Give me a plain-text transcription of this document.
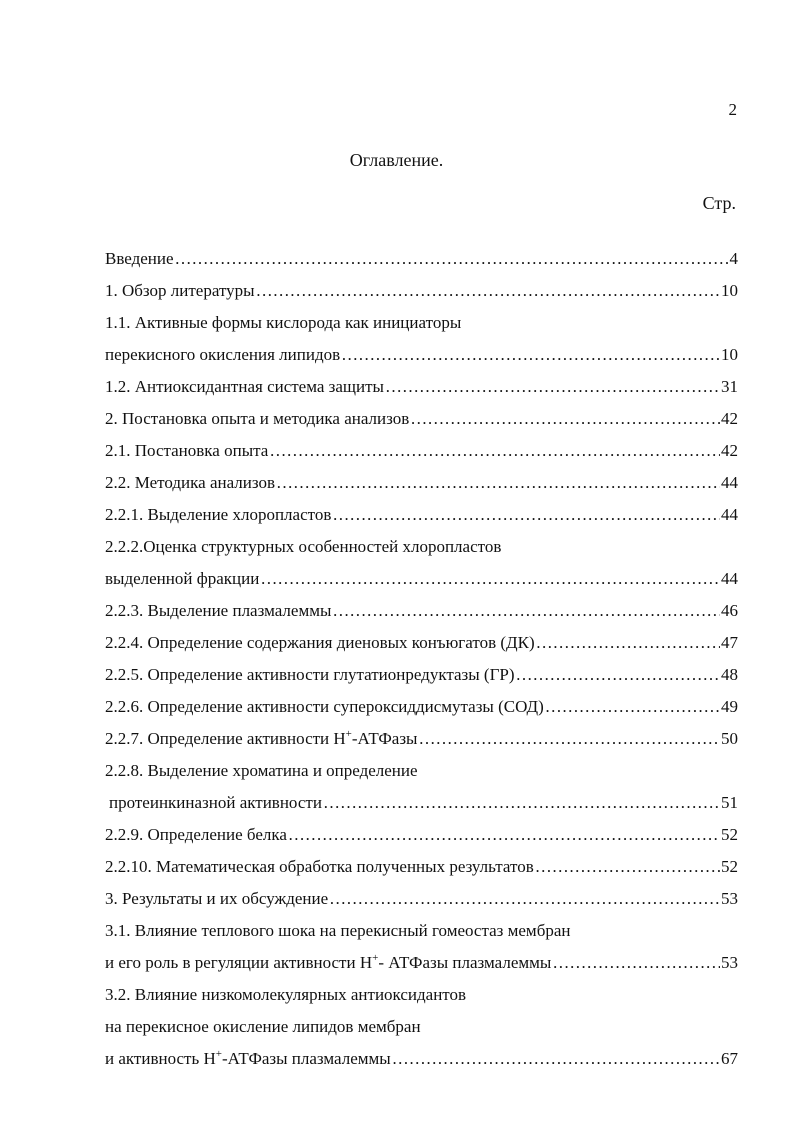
2
Оглавление.
Стр.
Введение ……………………………………………………………………………………………………………………………………	4
1. Обзор литературы ……………………………………………………………………………………………………………………………………	10
1.1. Активные формы кислорода как инициаторы
перекисного окисления липидов ……………………………………………………………………………………………………………………………………	10
1.2. Антиоксидантная система защиты ……………………………………………………………………………………………………………………………………	31
2. Постановка опыта и методика анализов ……………………………………………………………………………………………………………………………………	42
2.1. Постановка опыта ……………………………………………………………………………………………………………………………………	42
2.2. Методика анализов ……………………………………………………………………………………………………………………………………	44
2.2.1. Выделение хлоропластов ……………………………………………………………………………………………………………………………………	44
2.2.2.Оценка структурных особенностей хлоропластов
выделенной фракции ……………………………………………………………………………………………………………………………………	44
2.2.3. Выделение плазмалеммы ……………………………………………………………………………………………………………………………………	46
2.2.4. Определение содержания диеновых конъюгатов (ДК) ……………………………………………………………………………………………………………………………………	47
2.2.5. Определение активности глутатионредуктазы (ГР) ……………………………………………………………………………………………………………………………………	48
2.2.6. Определение активности супероксиддисмутазы (СОД) ……………………………………………………………………………………………………………………………………	49
2.2.7. Определение активности Н+-АТФазы ……………………………………………………………………………………………………………………………………	50
2.2.8. Выделение хроматина и определение
протеинкиназной активности ……………………………………………………………………………………………………………………………………	51
2.2.9. Определение белка ……………………………………………………………………………………………………………………………………	52
2.2.10. Математическая обработка полученных результатов ……………………………………………………………………………………………………………………………………	52
3. Результаты и их обсуждение ……………………………………………………………………………………………………………………………………	53
3.1. Влияние теплового шока на перекисный гомеостаз мембран
и его роль в регуляции активности Н+- АТФазы плазмалеммы ……………………………………………………………………………………………………………………………………	53
3.2. Влияние низкомолекулярных антиоксидантов
на перекисное окисление липидов мембран
и активность Н+-АТФазы плазмалеммы ……………………………………………………………………………………………………………………………………	67
